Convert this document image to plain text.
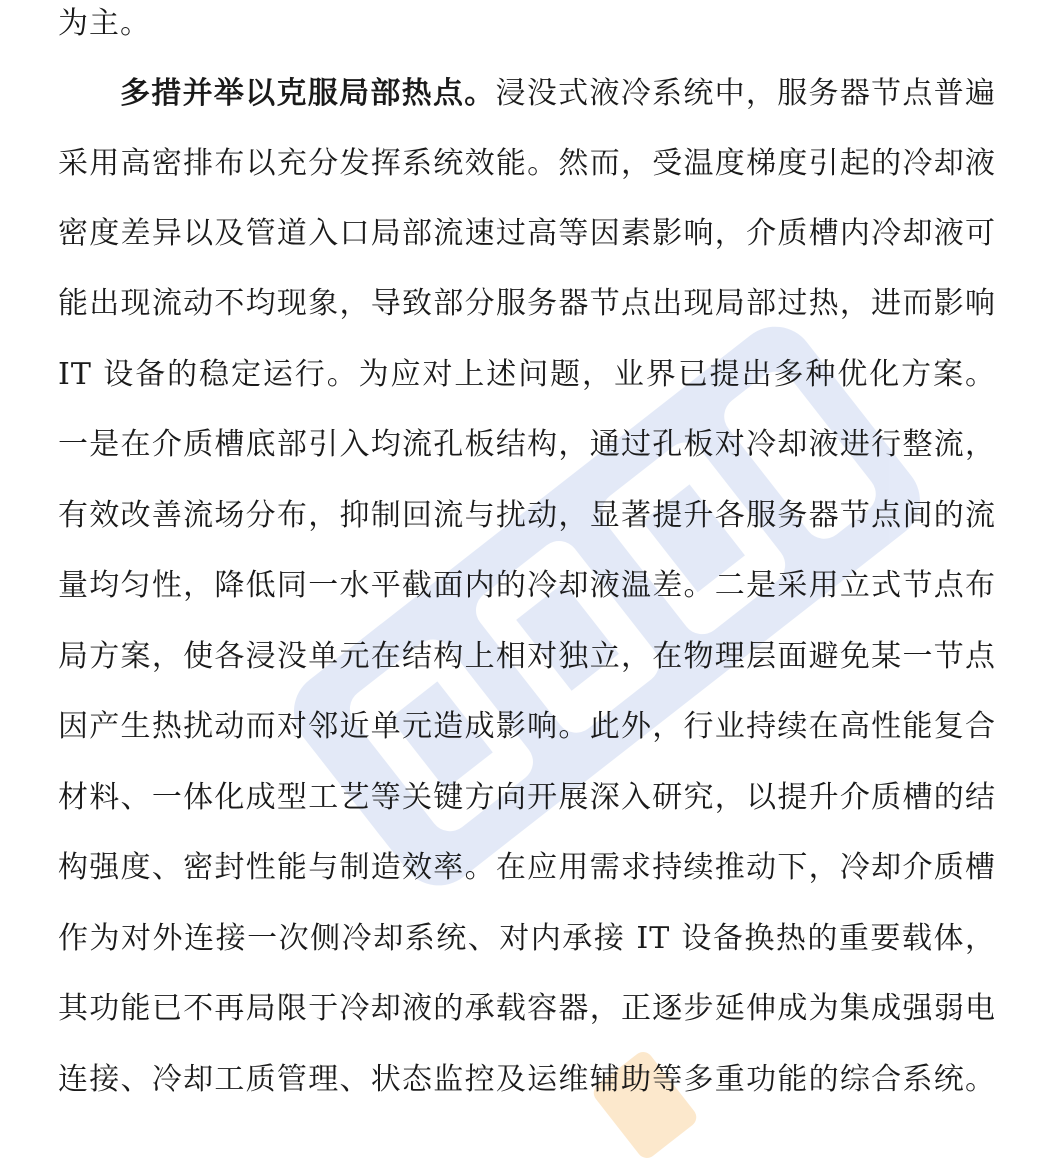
为主。
多措并举以克服局部热点。浸没式液冷系统中，服务器节点普遍
采用高密排布以充分发挥系统效能。然而，受温度梯度引起的冷却液
密度差异以及管道入口局部流速过高等因素影响，介质槽内冷却液可
能出现流动不均现象，导致部分服务器节点出现局部过热，进而影响
IT 设备的稳定运行。为应对上述问题，业界已提出多种优化方案。
一是在介质槽底部引入均流孔板结构，通过孔板对冷却液进行整流，
有效改善流场分布，抑制回流与扰动，显著提升各服务器节点间的流
量均匀性，降低同一水平截面内的冷却液温差。二是采用立式节点布
局方案，使各浸没单元在结构上相对独立，在物理层面避免某一节点
因产生热扰动而对邻近单元造成影响。此外，行业持续在高性能复合
材料、一体化成型工艺等关键方向开展深入研究，以提升介质槽的结
构强度、密封性能与制造效率。在应用需求持续推动下，冷却介质槽
作为对外连接一次侧冷却系统、对内承接 IT 设备换热的重要载体，
其功能已不再局限于冷却液的承载容器，正逐步延伸成为集成强弱电
连接、冷却工质管理、状态监控及运维辅助等多重功能的综合系统。
